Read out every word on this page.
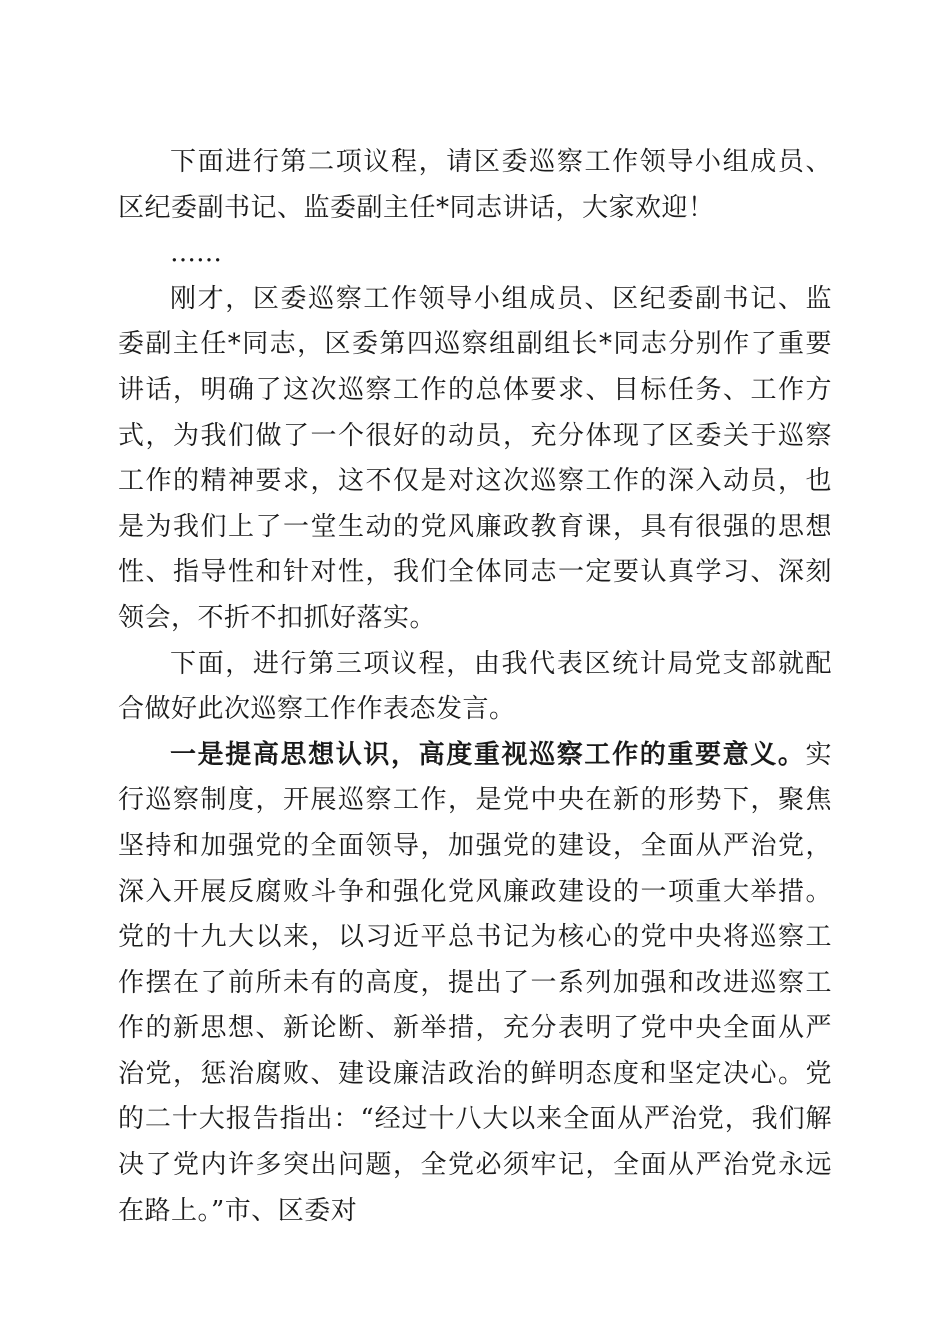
下面进行第二项议程，请区委巡察工作领导小组成员、区纪委副书记、监委副主任*同志讲话，大家欢迎！

……

刚才，区委巡察工作领导小组成员、区纪委副书记、监委副主任*同志，区委第四巡察组副组长*同志分别作了重要讲话，明确了这次巡察工作的总体要求、目标任务、工作方式，为我们做了一个很好的动员，充分体现了区委关于巡察工作的精神要求，这不仅是对这次巡察工作的深入动员，也是为我们上了一堂生动的党风廉政教育课，具有很强的思想性、指导性和针对性，我们全体同志一定要认真学习、深刻领会，不折不扣抓好落实。

下面，进行第三项议程，由我代表区统计局党支部就配合做好此次巡察工作作表态发言。

一是提高思想认识，高度重视巡察工作的重要意义。实行巡察制度，开展巡察工作，是党中央在新的形势下，聚焦坚持和加强党的全面领导，加强党的建设，全面从严治党，深入开展反腐败斗争和强化党风廉政建设的一项重大举措。党的十九大以来，以习近平总书记为核心的党中央将巡察工作摆在了前所未有的高度，提出了一系列加强和改进巡察工作的新思想、新论断、新举措，充分表明了党中央全面从严治党，惩治腐败、建设廉洁政治的鲜明态度和坚定决心。党的二十大报告指出：“经过十八大以来全面从严治党，我们解决了党内许多突出问题，全党必须牢记，全面从严治党永远在路上。”市、区委对
